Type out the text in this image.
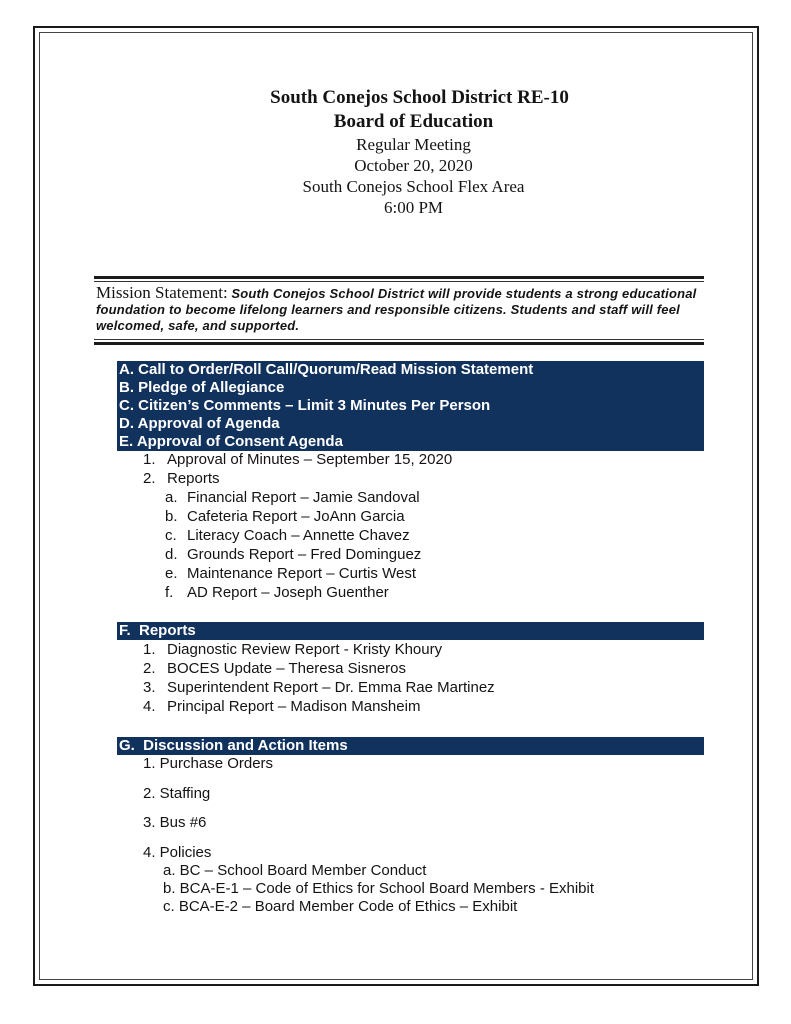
South Conejos School District RE-10
Board of Education
Regular Meeting
October 20, 2020
South Conejos School Flex Area
6:00 PM
Mission Statement: South Conejos School District will provide students a strong educational foundation to become lifelong learners and responsible citizens. Students and staff will feel welcomed, safe, and supported.
A. Call to Order/Roll Call/Quorum/Read Mission Statement
B. Pledge of Allegiance
C. Citizen’s Comments – Limit 3 Minutes Per Person
D. Approval of Agenda
E. Approval of Consent Agenda
1. Approval of Minutes – September 15, 2020
2. Reports
a. Financial Report – Jamie Sandoval
b. Cafeteria Report – JoAnn Garcia
c. Literacy Coach – Annette Chavez
d. Grounds Report – Fred Dominguez
e. Maintenance Report – Curtis West
f. AD Report – Joseph Guenther
F.  Reports
1. Diagnostic Review Report - Kristy Khoury
2. BOCES Update – Theresa Sisneros
3. Superintendent Report – Dr. Emma Rae Martinez
4. Principal Report – Madison Mansheim
G.  Discussion and Action Items
1. Purchase Orders
2. Staffing
3. Bus #6
4. Policies
a. BC – School Board Member Conduct
b. BCA-E-1 – Code of Ethics for School Board Members - Exhibit
c. BCA-E-2 – Board Member Code of Ethics – Exhibit
